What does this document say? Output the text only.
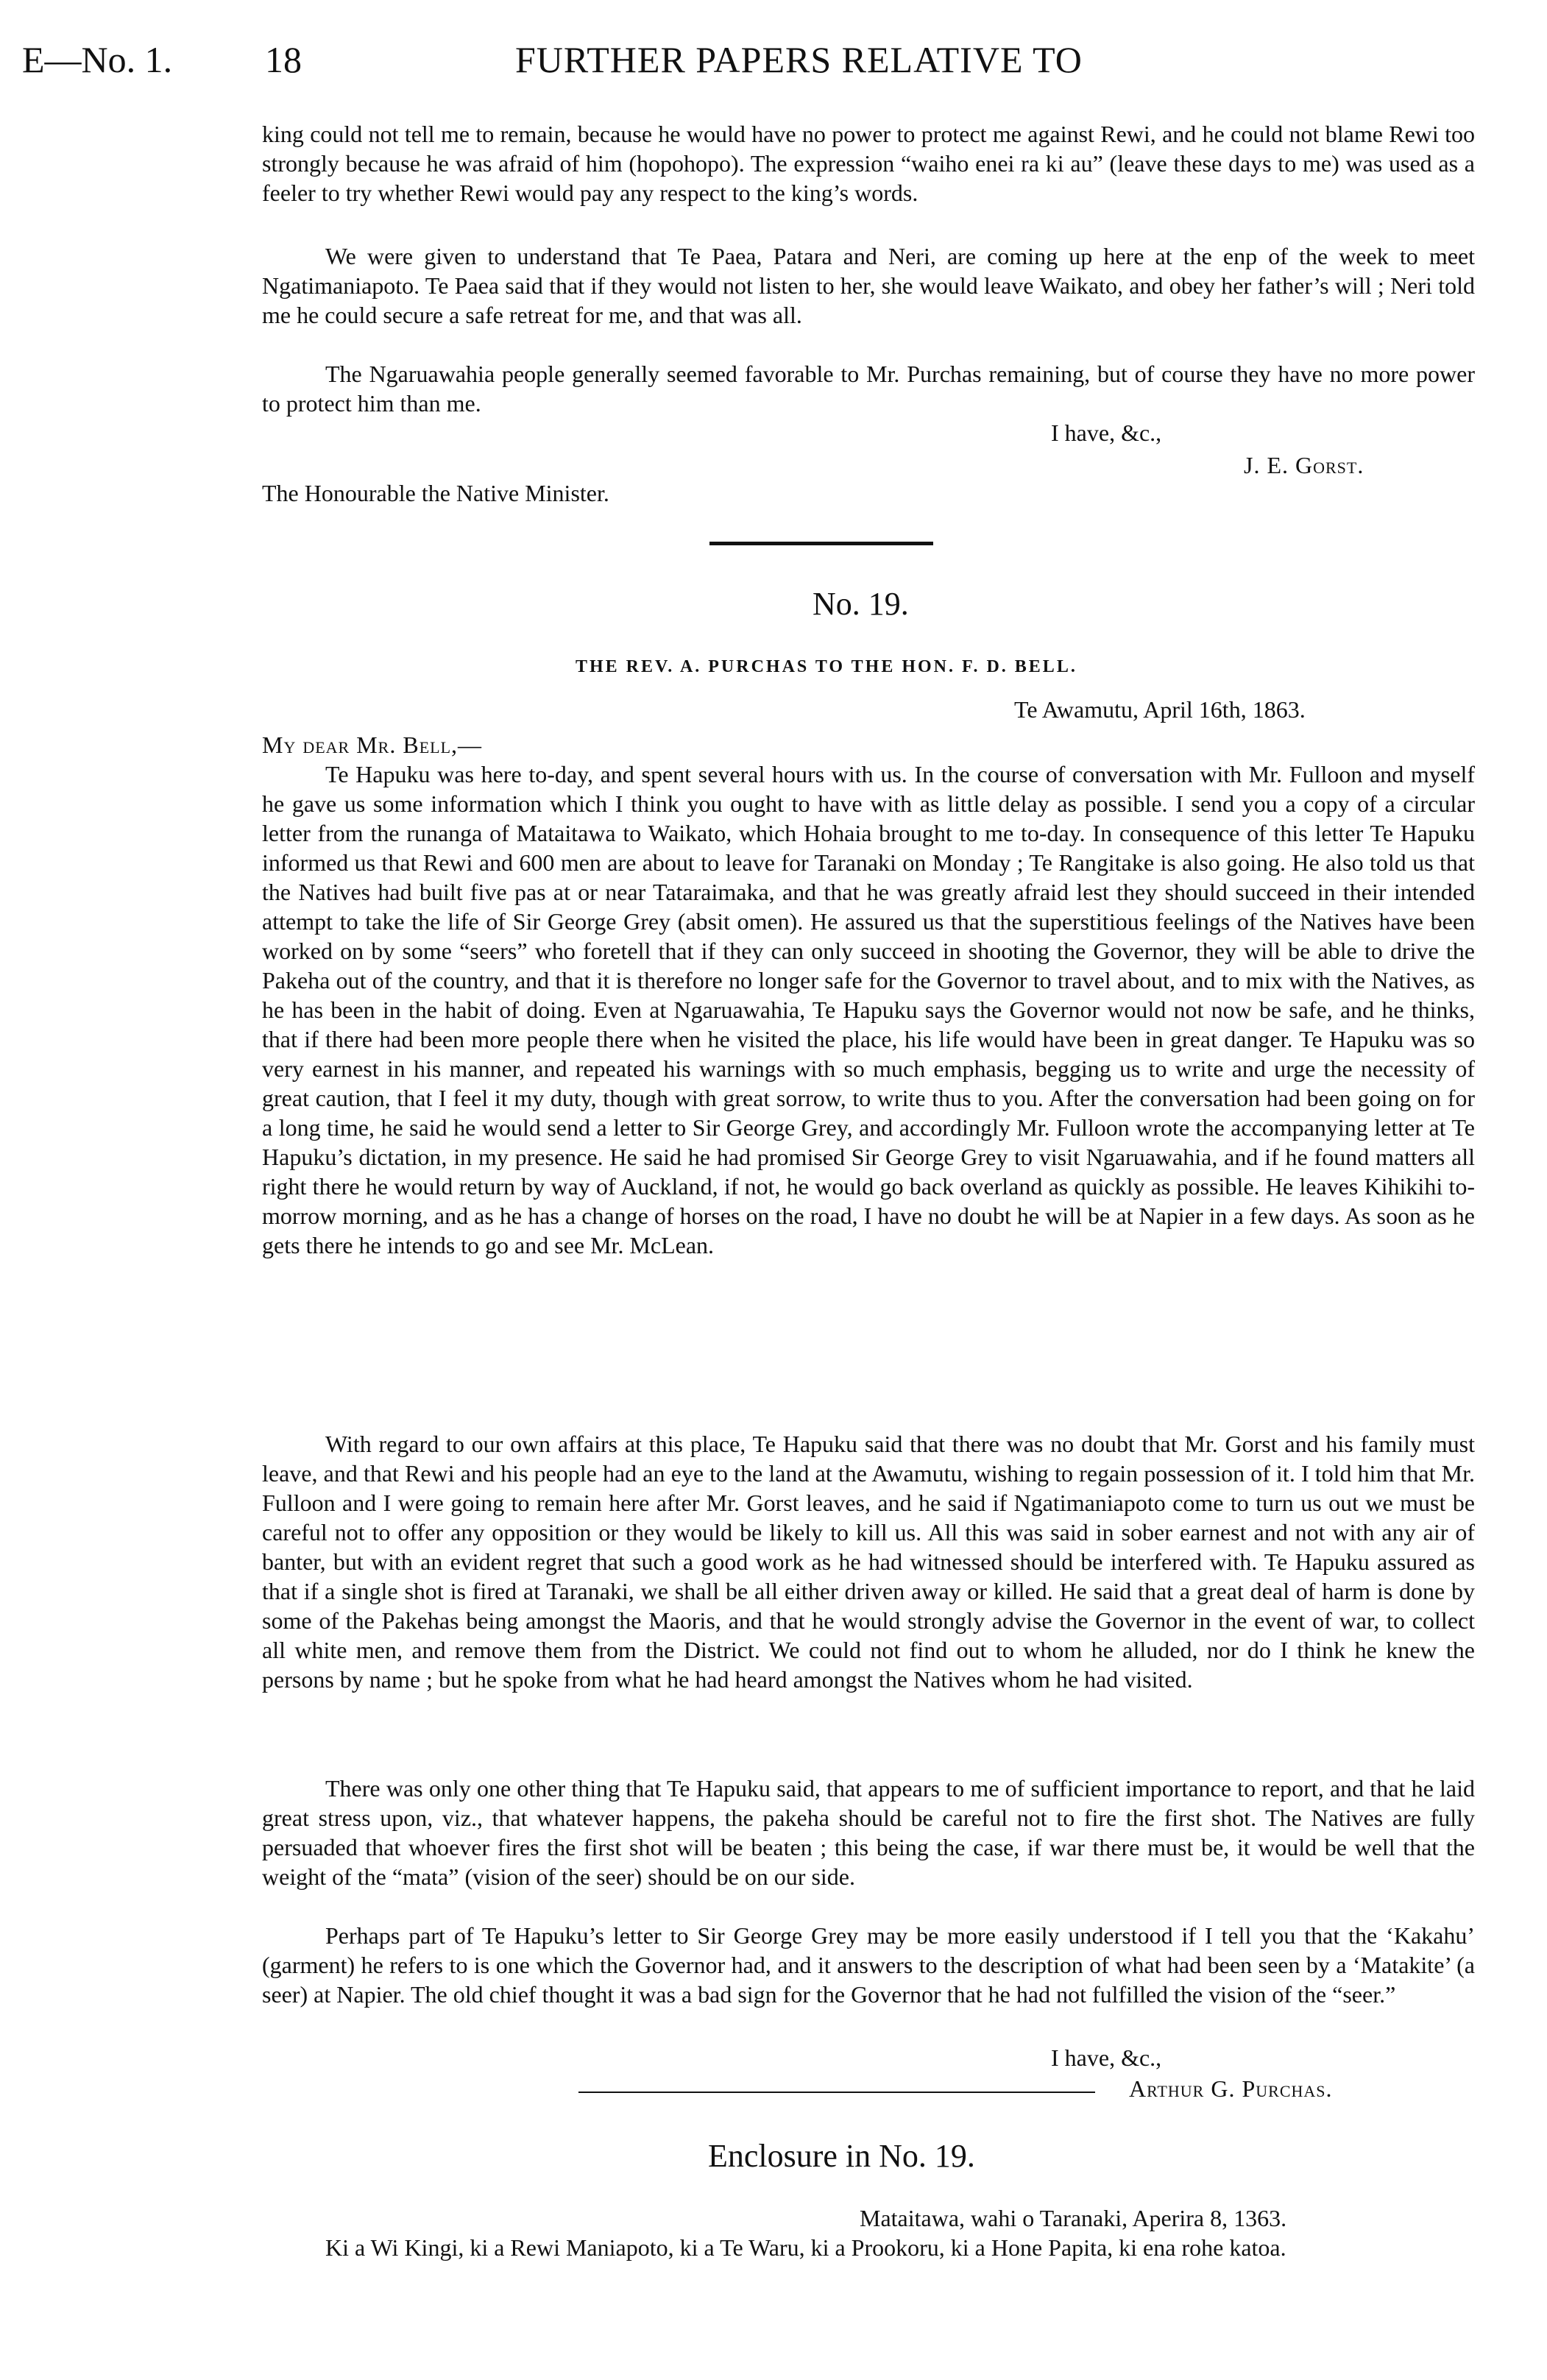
E—No. 1.	18	FURTHER PAPERS RELATIVE TO

king could not tell me to remain, because he would have no power to protect me against Rewi, and he could not blame Rewi too strongly because he was afraid of him (hopohopo). The expression “waiho enei ra ki au” (leave these days to me) was used as a feeler to try whether Rewi would pay any respect to the king’s words.

We were given to understand that Te Paea, Patara and Neri, are coming up here at the enp of the week to meet Ngatimaniapoto. Te Paea said that if they would not listen to her, she would leave Waikato, and obey her father’s will ; Neri told me he could secure a safe retreat for me, and that was all.

The Ngaruawahia people generally seemed favorable to Mr. Purchas remaining, but of course they have no more power to protect him than me.

I have, &c.,
J. E. Gorst.
The Honourable the Native Minister.
No. 19.
THE REV. A. PURCHAS TO THE HON. F. D. BELL.
Te Awamutu, April 16th, 1863.
My dear Mr. Bell,—

Te Hapuku was here to-day, and spent several hours with us. In the course of conversation with Mr. Fulloon and myself he gave us some information which I think you ought to have with as little delay as possible. I send you a copy of a circular letter from the runanga of Mataitawa to Waikato, which Hohaia brought to me to-day. In consequence of this letter Te Hapuku informed us that Rewi and 600 men are about to leave for Taranaki on Monday ; Te Rangitake is also going. He also told us that the Natives had built five pas at or near Tataraimaka, and that he was greatly afraid lest they should succeed in their intended attempt to take the life of Sir George Grey (absit omen). He assured us that the superstitious feelings of the Natives have been worked on by some “seers” who foretell that if they can only succeed in shooting the Governor, they will be able to drive the Pakeha out of the country, and that it is therefore no longer safe for the Governor to travel about, and to mix with the Natives, as he has been in the habit of doing. Even at Ngaruawahia, Te Hapuku says the Governor would not now be safe, and he thinks, that if there had been more people there when he visited the place, his life would have been in great danger. Te Hapuku was so very earnest in his manner, and repeated his warnings with so much emphasis, begging us to write and urge the necessity of great caution, that I feel it my duty, though with great sorrow, to write thus to you. After the conversation had been going on for a long time, he said he would send a letter to Sir George Grey, and accordingly Mr. Fulloon wrote the accompanying letter at Te Hapuku’s dictation, in my presence. He said he had promised Sir George Grey to visit Ngaruawahia, and if he found matters all right there he would return by way of Auckland, if not, he would go back overland as quickly as possible. He leaves Kihikihi to-morrow morning, and as he has a change of horses on the road, I have no doubt he will be at Napier in a few days. As soon as he gets there he intends to go and see Mr. McLean.

With regard to our own affairs at this place, Te Hapuku said that there was no doubt that Mr. Gorst and his family must leave, and that Rewi and his people had an eye to the land at the Awamutu, wishing to regain possession of it. I told him that Mr. Fulloon and I were going to remain here after Mr. Gorst leaves, and he said if Ngatimaniapoto come to turn us out we must be careful not to offer any opposition or they would be likely to kill us. All this was said in sober earnest and not with any air of banter, but with an evident regret that such a good work as he had witnessed should be interfered with. Te Hapuku assured as that if a single shot is fired at Taranaki, we shall be all either driven away or killed. He said that a great deal of harm is done by some of the Pakehas being amongst the Maoris, and that he would strongly advise the Governor in the event of war, to collect all white men, and remove them from the District. We could not find out to whom he alluded, nor do I think he knew the persons by name ; but he spoke from what he had heard amongst the Natives whom he had visited.

There was only one other thing that Te Hapuku said, that appears to me of sufficient importance to report, and that he laid great stress upon, viz., that whatever happens, the pakeha should be careful not to fire the first shot. The Natives are fully persuaded that whoever fires the first shot will be beaten ; this being the case, if war there must be, it would be well that the weight of the “mata” (vision of the seer) should be on our side.

Perhaps part of Te Hapuku’s letter to Sir George Grey may be more easily understood if I tell you that the ‘Kakahu’ (garment) he refers to is one which the Governor had, and it answers to the description of what had been seen by a ‘Matakite’ (a seer) at Napier. The old chief thought it was a bad sign for the Governor that he had not fulfilled the vision of the “seer.”

I have, &c.,
Arthur G. Purchas.
Enclosure in No. 19.
Mataitawa, wahi o Taranaki, Aperira 8, 1363.

Ki a Wi Kingi, ki a Rewi Maniapoto, ki a Te Waru, ki a Prookoru, ki a Hone Papita, ki ena rohe katoa.
